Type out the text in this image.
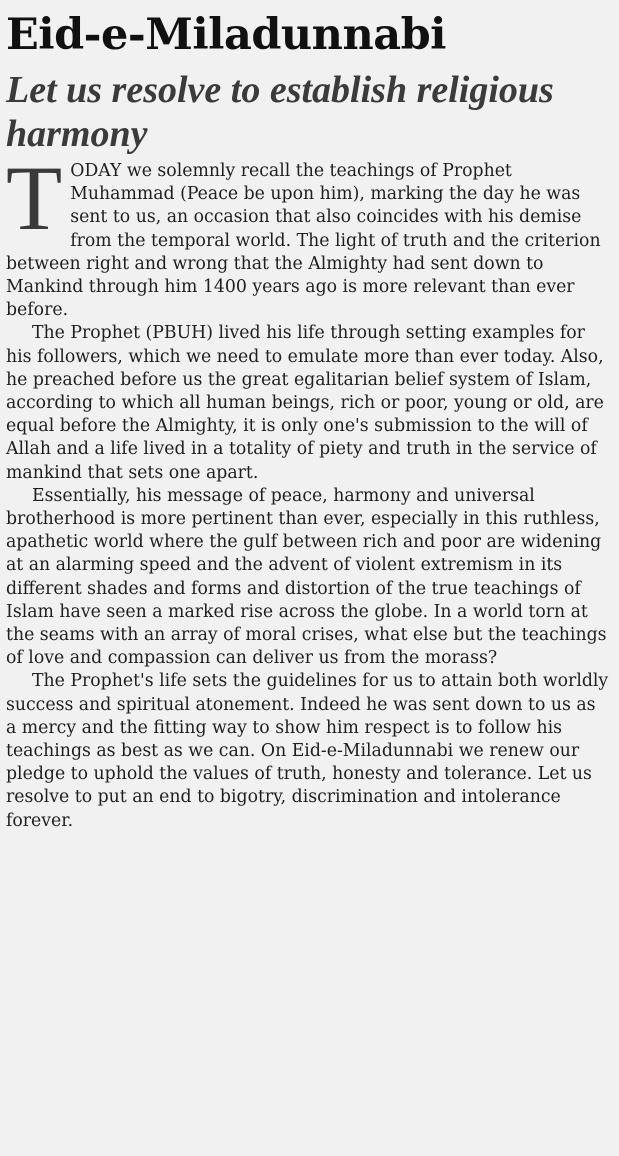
Eid-e-Miladunnabi
Let us resolve to establish religious harmony

TODAY we solemnly recall the teachings of Prophet Muhammad (Peace be upon him), marking the day he was sent to us, an occasion that also coincides with his demise from the temporal world. The light of truth and the criterion between right and wrong that the Almighty had sent down to Mankind through him 1400 years ago is more relevant than ever before.

The Prophet (PBUH) lived his life through setting examples for his followers, which we need to emulate more than ever today. Also, he preached before us the great egalitarian belief system of Islam, according to which all human beings, rich or poor, young or old, are equal before the Almighty, it is only one's submission to the will of Allah and a life lived in a totality of piety and truth in the service of mankind that sets one apart.

Essentially, his message of peace, harmony and universal brotherhood is more pertinent than ever, especially in this ruthless, apathetic world where the gulf between rich and poor are widening at an alarming speed and the advent of violent extremism in its different shades and forms and distortion of the true teachings of Islam have seen a marked rise across the globe. In a world torn at the seams with an array of moral crises, what else but the teachings of love and compassion can deliver us from the morass?

The Prophet's life sets the guidelines for us to attain both worldly success and spiritual atonement. Indeed he was sent down to us as a mercy and the fitting way to show him respect is to follow his teachings as best as we can. On Eid-e-Miladunnabi we renew our pledge to uphold the values of truth, honesty and tolerance. Let us resolve to put an end to bigotry, discrimination and intolerance forever.
